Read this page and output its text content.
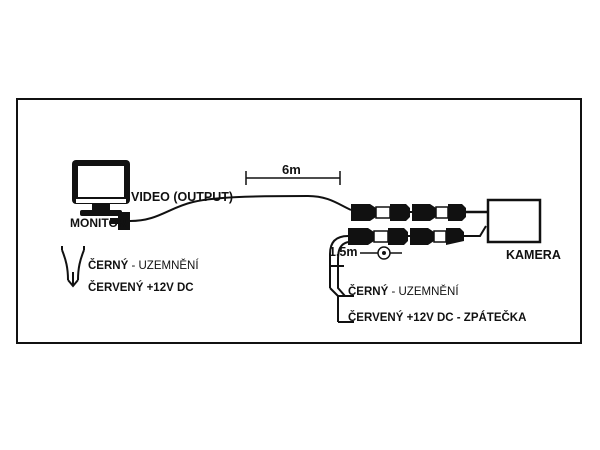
MONITOR
VIDEO (OUTPUT)
6m
1.5m	KAMERA
ČERNÝ - UZEMNĚNÍ
ČERVENÝ +12V DC	ČERNÝ - UZEMNĚNÍ
ČERVENÝ +12V DC - ZPÁTEČKA
